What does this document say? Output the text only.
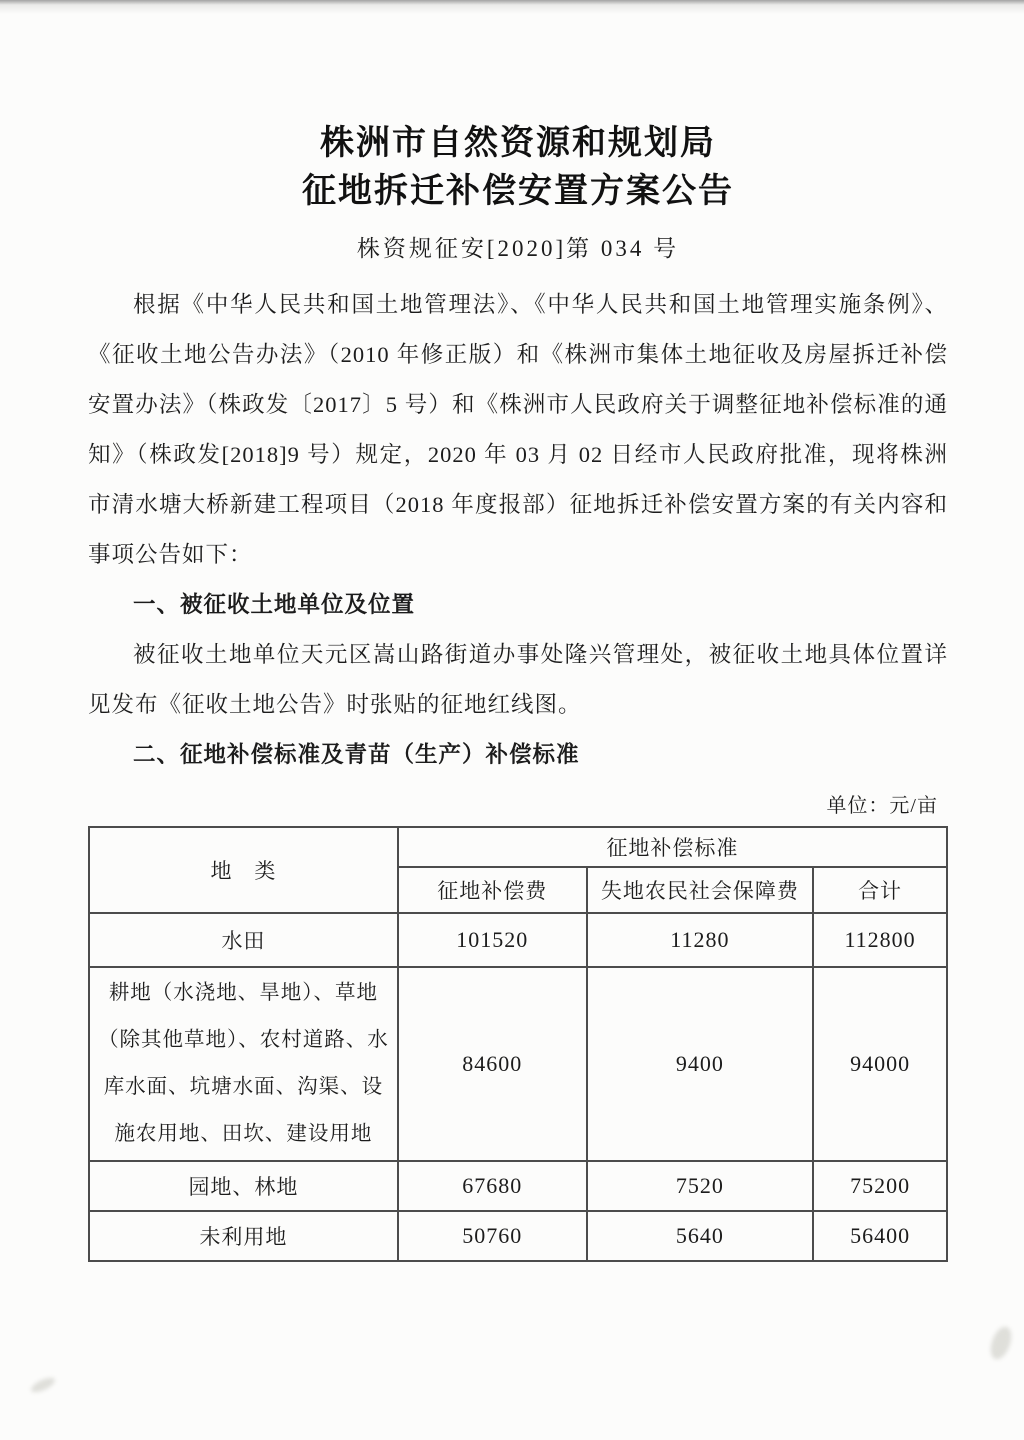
株洲市自然资源和规划局
征地拆迁补偿安置方案公告
株资规征安[2020]第 034 号
根据《中华人民共和国土地管理法》、《中华人民共和国土地管理实施条例》、《征收土地公告办法》（2010 年修正版）和《株洲市集体土地征收及房屋拆迁补偿安置办法》（株政发〔2017〕5 号）和《株洲市人民政府关于调整征地补偿标准的通知》（株政发[2018]9 号）规定，2020 年 03 月 02 日经市人民政府批准，现将株洲市清水塘大桥新建工程项目（2018 年度报部）征地拆迁补偿安置方案的有关内容和事项公告如下：
一、被征收土地单位及位置
被征收土地单位天元区嵩山路街道办事处隆兴管理处，被征收土地具体位置详见发布《征收土地公告》时张贴的征地红线图。
二、征地补偿标准及青苗（生产）补偿标准
单位：元/亩
地　类	征地补偿标准		
	征地补偿费	失地农民社会保障费	合计
水田	101520	11280	112800
耕地（水浇地、旱地）、草地（除其他草地）、农村道路、水库水面、坑塘水面、沟渠、设施农用地、田坎、建设用地	84600	9400	94000
园地、林地	67680	7520	75200
未利用地	50760	5640	56400
